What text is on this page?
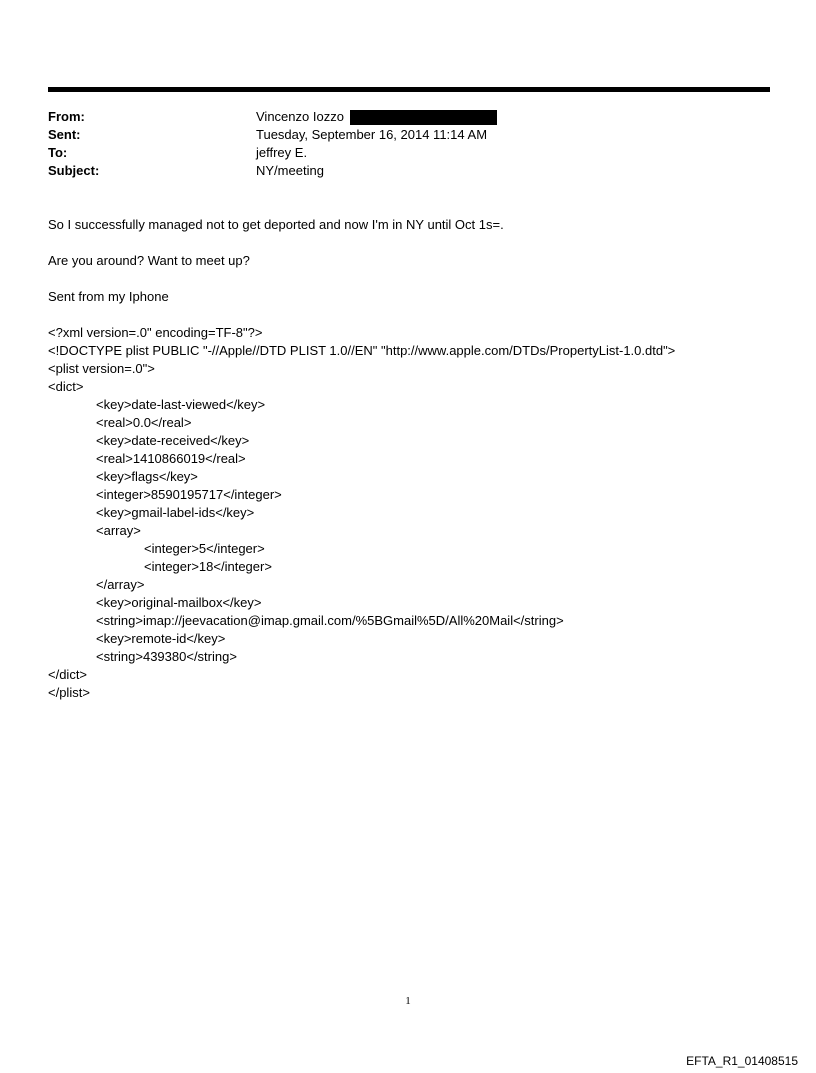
From:	Vincenzo Iozzo
Sent:	Tuesday, September 16, 2014 11:14 AM
To:	jeffrey E.
Subject:	NY/meeting

So I successfully managed not to get deported and now I'm in NY until Oct 1s=.

Are you around? Want to meet up?

Sent from my Iphone

<?xml version=.0" encoding=TF-8"?>
<!DOCTYPE plist PUBLIC "-//Apple//DTD PLIST 1.0//EN" "http://www.apple.com/DTDs/PropertyList-1.0.dtd">
<plist version=.0">
<dict>
<key>date-last-viewed</key>
<real>0.0</real>
<key>date-received</key>
<real>1410866019</real>
<key>flags</key>
<integer>8590195717</integer>
<key>gmail-label-ids</key>
<array>
<integer>5</integer>
<integer>18</integer>
</array>
<key>original-mailbox</key>
<string>imap://jeevacation@imap.gmail.com/%5BGmail%5D/All%20Mail</string>
<key>remote-id</key>
<string>439380</string>
</dict>
</plist>
1
EFTA_R1_01408515
